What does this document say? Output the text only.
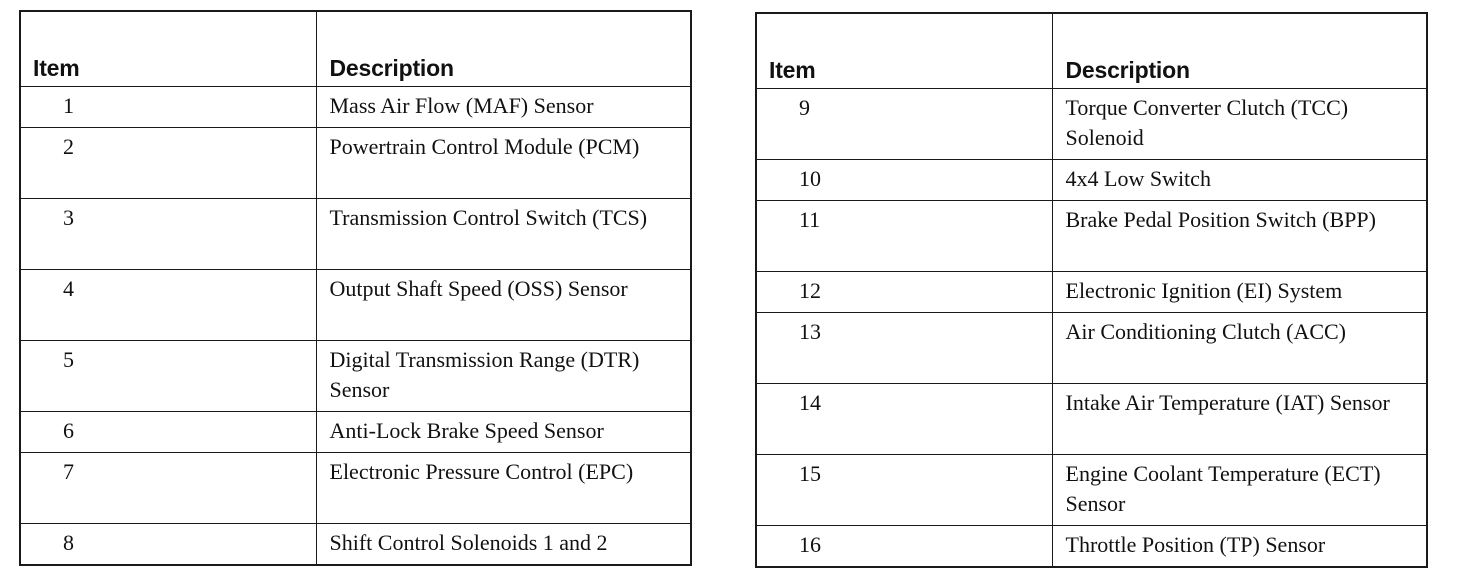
Item	Description
1	Mass Air Flow (MAF) Sensor
2	Powertrain Control Module (PCM)
3	Transmission Control Switch (TCS)
4	Output Shaft Speed (OSS) Sensor
5	Digital Transmission Range (DTR) Sensor
6	Anti-Lock Brake Speed Sensor
7	Electronic Pressure Control (EPC)
8	Shift Control Solenoids 1 and 2
Item	Description
9	Torque Converter Clutch (TCC) Solenoid
10	4x4 Low Switch
11	Brake Pedal Position Switch (BPP)
12	Electronic Ignition (EI) System
13	Air Conditioning Clutch (ACC)
14	Intake Air Temperature (IAT) Sensor
15	Engine Coolant Temperature (ECT) Sensor
16	Throttle Position (TP) Sensor
